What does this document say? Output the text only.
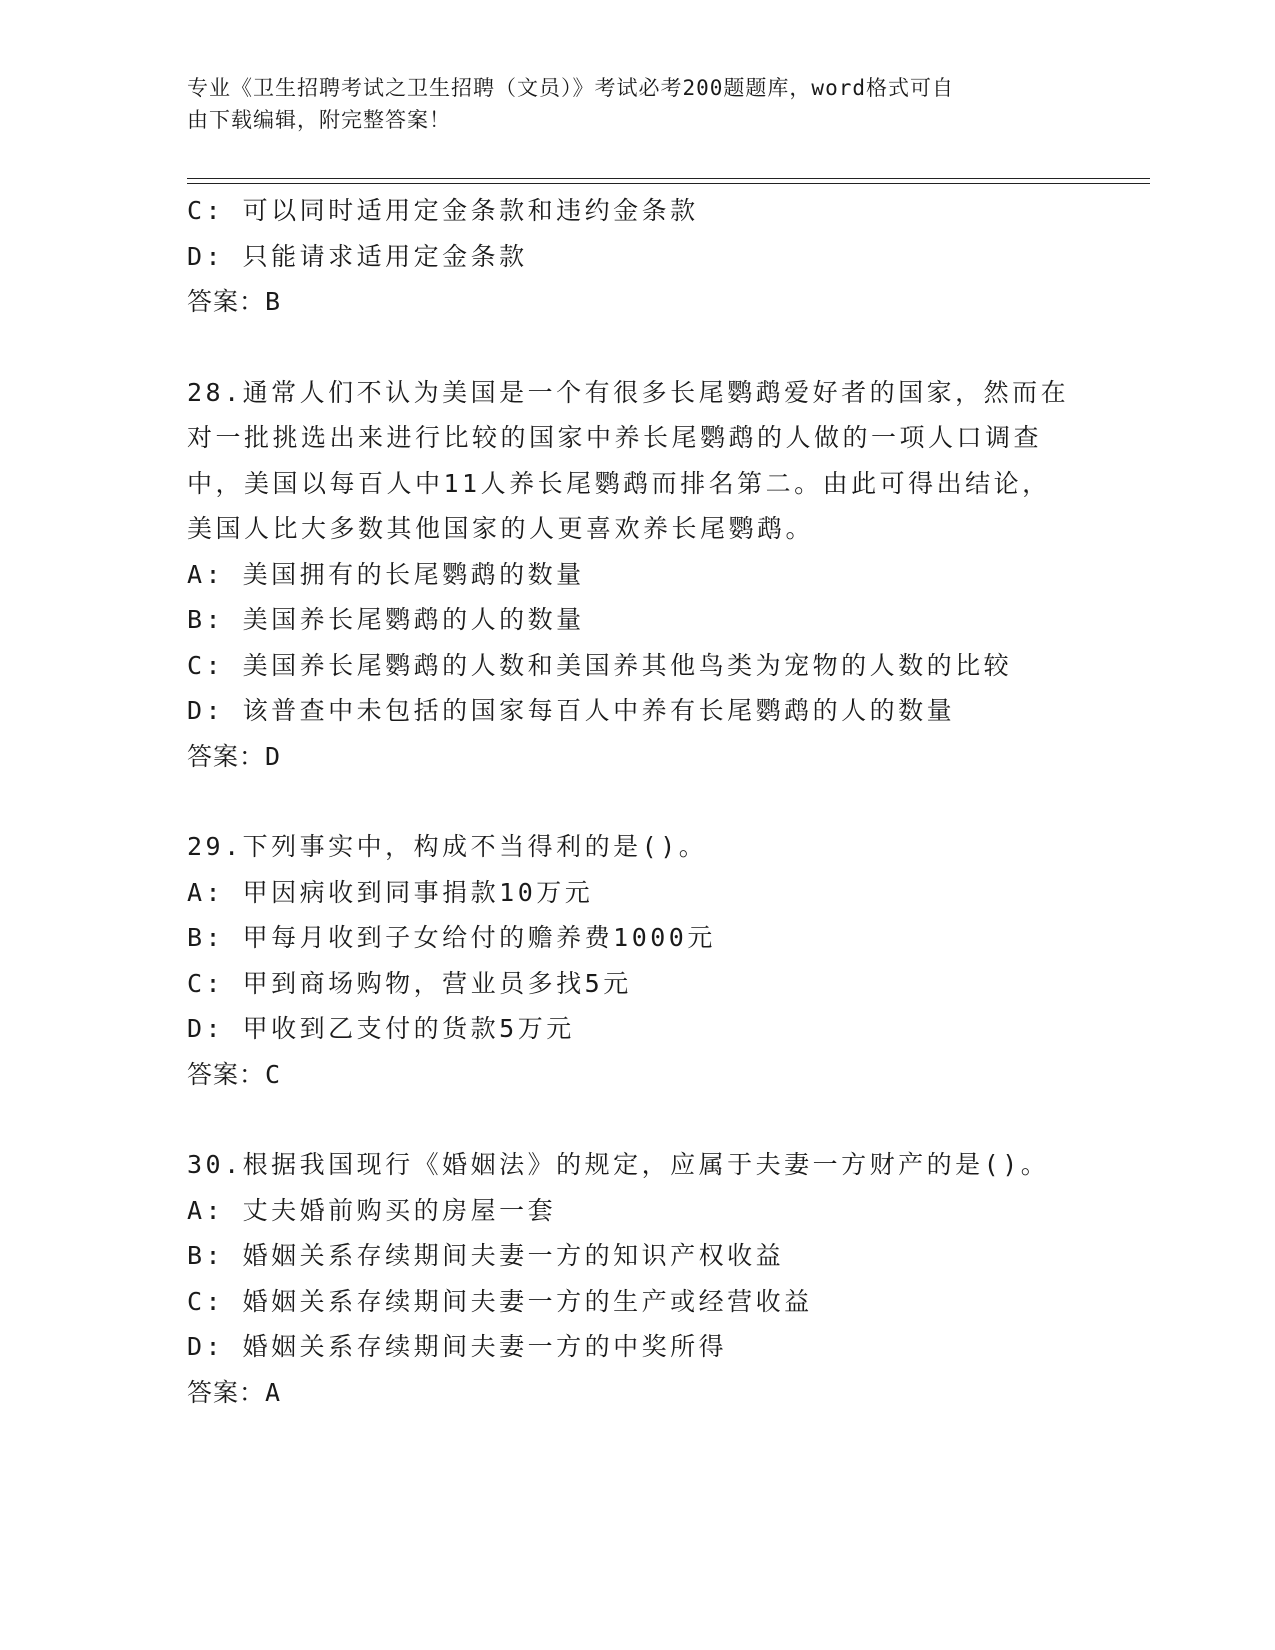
专业《卫生招聘考试之卫生招聘（文员）》考试必考200题题库，word格式可自
由下载编辑，附完整答案！
C: 可以同时适用定金条款和违约金条款
D: 只能请求适用定金条款
答案：B
28.通常人们不认为美国是一个有很多长尾鹦鹉爱好者的国家，然而在
对一批挑选出来进行比较的国家中养长尾鹦鹉的人做的一项人口调查
中，美国以每百人中11人养长尾鹦鹉而排名第二。由此可得出结论，
美国人比大多数其他国家的人更喜欢养长尾鹦鹉。
A: 美国拥有的长尾鹦鹉的数量
B: 美国养长尾鹦鹉的人的数量
C: 美国养长尾鹦鹉的人数和美国养其他鸟类为宠物的人数的比较
D: 该普查中未包括的国家每百人中养有长尾鹦鹉的人的数量
答案：D
29.下列事实中，构成不当得利的是()。
A: 甲因病收到同事捐款10万元
B: 甲每月收到子女给付的赡养费1000元
C: 甲到商场购物，营业员多找5元
D: 甲收到乙支付的货款5万元
答案：C
30.根据我国现行《婚姻法》的规定，应属于夫妻一方财产的是()。
A: 丈夫婚前购买的房屋一套
B: 婚姻关系存续期间夫妻一方的知识产权收益
C: 婚姻关系存续期间夫妻一方的生产或经营收益
D: 婚姻关系存续期间夫妻一方的中奖所得
答案：A
